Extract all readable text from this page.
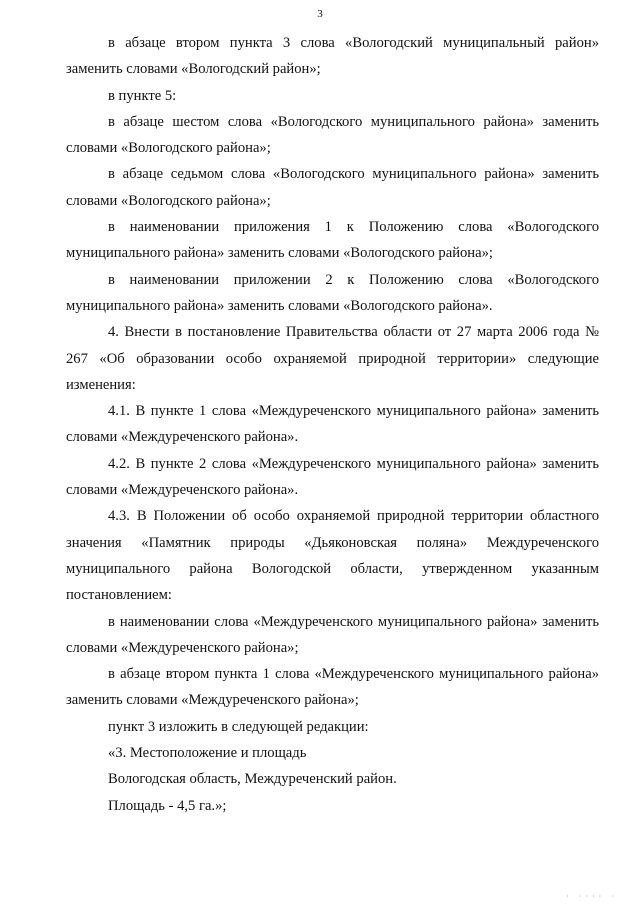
3

в абзаце втором пункта 3 слова «Вологодский муниципальный район» заменить словами «Вологодский район»;

в пункте 5:

в абзаце шестом слова «Вологодского муниципального района» заменить словами «Вологодского района»;

в абзаце седьмом слова «Вологодского муниципального района» заменить словами «Вологодского района»;

в наименовании приложения 1 к Положению слова «Вологодского муниципального района» заменить словами «Вологодского района»;

в наименовании приложении 2 к Положению слова «Вологодского муниципального района» заменить словами «Вологодского района».

4. Внести в постановление Правительства области от 27 марта 2006 года № 267 «Об образовании особо охраняемой природной территории» следующие изменения:

4.1. В пункте 1 слова «Междуреченского муниципального района» заменить словами «Междуреченского района».

4.2. В пункте 2 слова «Междуреченского муниципального района» заменить словами «Междуреченского района».

4.3. В Положении об особо охраняемой природной территории областного значения «Памятник природы «Дьяконовская поляна» Междуреченского муниципального района Вологодской области, утвержденном указанным постановлением:

в наименовании слова «Междуреченского муниципального района» заменить словами «Междуреченского района»;

в абзаце втором пункта 1 слова «Междуреченского муниципального района» заменить словами «Междуреченского района»;

пункт 3 изложить в следующей редакции:

«3. Местоположение и площадь

Вологодская область, Междуреченский район.

Площадь - 4,5 га.»;

· ···· ·
